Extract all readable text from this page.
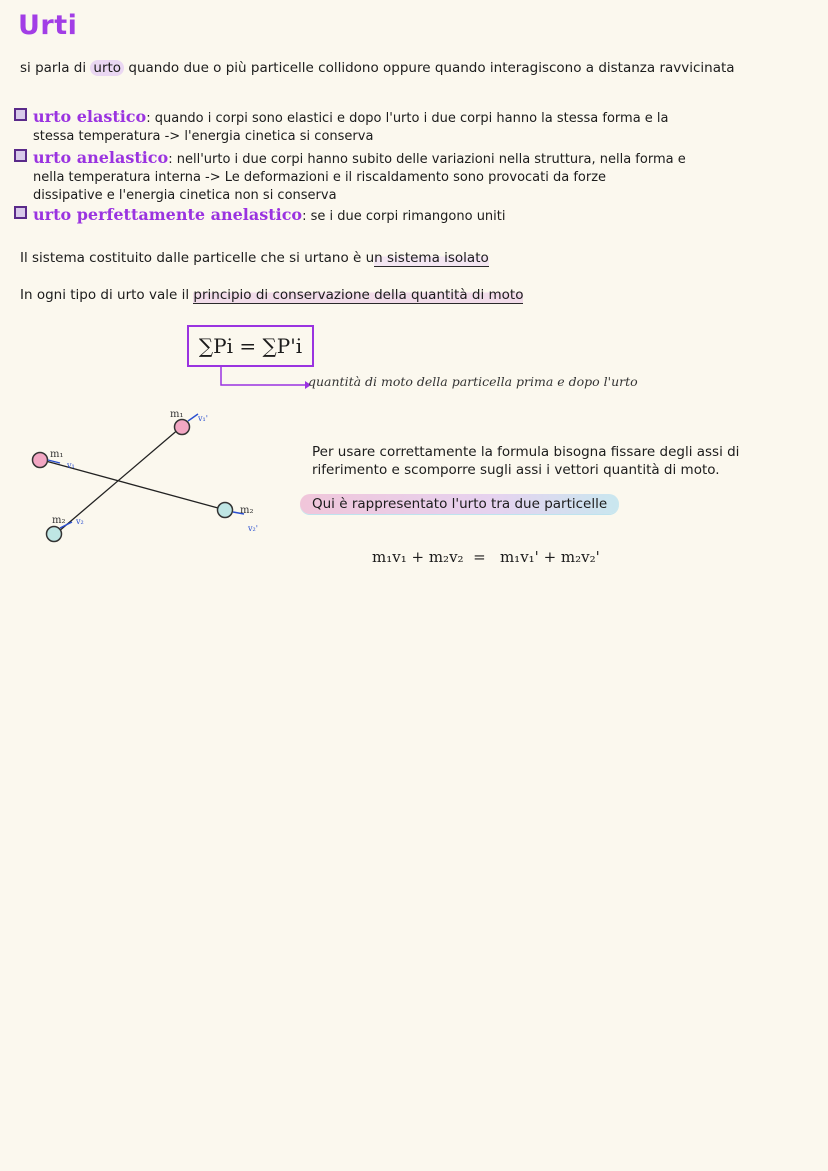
Urti
si parla di urto quando due o più particelle collidono oppure quando interagiscono a distanza ravvicinata
urto elastico: quando i corpi sono elastici e dopo l'urto i due corpi hanno la stessa forma e la
stessa temperatura -> l'energia cinetica si conserva
urto anelastico: nell'urto i due corpi hanno subito delle variazioni nella struttura, nella forma e
nella temperatura interna -> Le deformazioni e il riscaldamento sono provocati da forze
dissipative e l'energia cinetica non si conserva
urto perfettamente anelastico: se i due corpi rimangono uniti
Il sistema costituito dalle particelle che si urtano è un sistema isolato
In ogni tipo di urto vale il principio di conservazione della quantità di moto
∑Pi = ∑P'i
quantità di moto della particella prima e dopo l'urto
m₁ v₁'
m₁
v₁
m₂ v₂
m₂
v₂'
Per usare correttamente la formula bisogna fissare degli assi di
riferimento e scomporre sugli assi i vettori quantità di moto.
Qui è rappresentato l'urto tra due particelle
m₁v₁ + m₂v₂  =   m₁v₁' + m₂v₂'
